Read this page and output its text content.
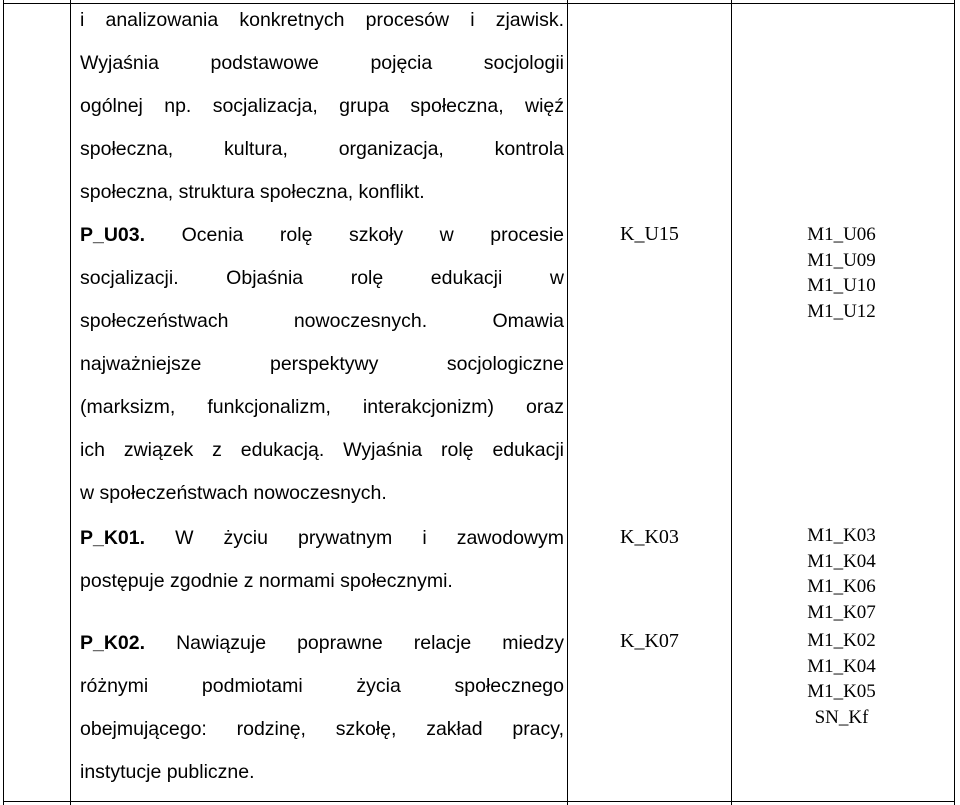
i analizowania konkretnych procesów i zjawisk.
Wyjaśnia podstawowe pojęcia socjologii
ogólnej np. socjalizacja, grupa społeczna, więź
społeczna, kultura, organizacja, kontrola
społeczna, struktura społeczna, konflikt.
P_U03. Ocenia rolę szkoły w procesie
socjalizacji. Objaśnia rolę edukacji w
społeczeństwach nowoczesnych. Omawia
najważniejsze perspektywy socjologiczne
(marksizm, funkcjonalizm, interakcjonizm) oraz
ich związek z edukacją. Wyjaśnia rolę edukacji
w społeczeństwach nowoczesnych.
K_U15	M1_U06
M1_U09
M1_U10
M1_U12
P_K01. W życiu prywatnym i zawodowym
postępuje zgodnie z normami społecznymi.
K_K03	M1_K03
M1_K04
M1_K06
M1_K07
P_K02. Nawiązuje poprawne relacje miedzy
różnymi podmiotami życia społecznego
obejmującego: rodzinę, szkołę, zakład pracy,
instytucje publiczne.
K_K07	M1_K02
M1_K04
M1_K05
SN_Kf
